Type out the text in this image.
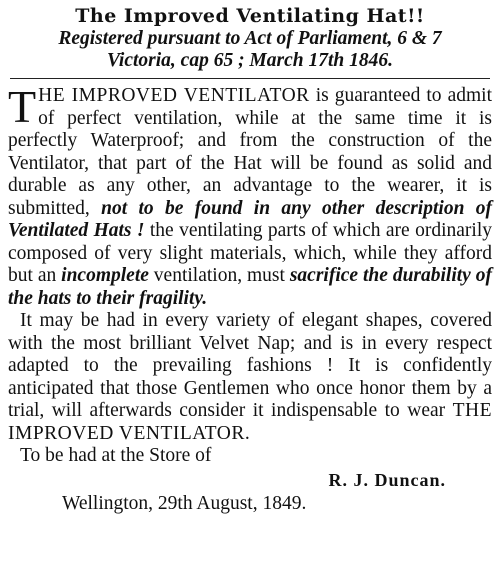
The Improved Ventilating Hat!!

Registered pursuant to Act of Parliament, 6 & 7

Victoria, cap 65 ; March 17th 1846.

THE IMPROVED VENTILATOR is guaranteed to admit of perfect ventilation, while at the same time it is perfectly Waterproof; and from the construction of the Ventilator, that part of the Hat will be found as solid and durable as any other, an advantage to the wearer, it is submitted, not to be found in any other description of Ventilated Hats ! the ventilating parts of which are ordinarily composed of very slight materials, which, while they afford but an incomplete ventilation, must sacrifice the durability of the hats to their fragility.

It may be had in every variety of elegant shapes, covered with the most brilliant Velvet Nap; and is in every respect adapted to the prevailing fashions ! It is confidently anticipated that those Gentlemen who once honor them by a trial, will afterwards consider it indispensable to wear THE IMPROVED VENTILATOR.

To be had at the Store of

R. J. Duncan.

Wellington, 29th August, 1849.
